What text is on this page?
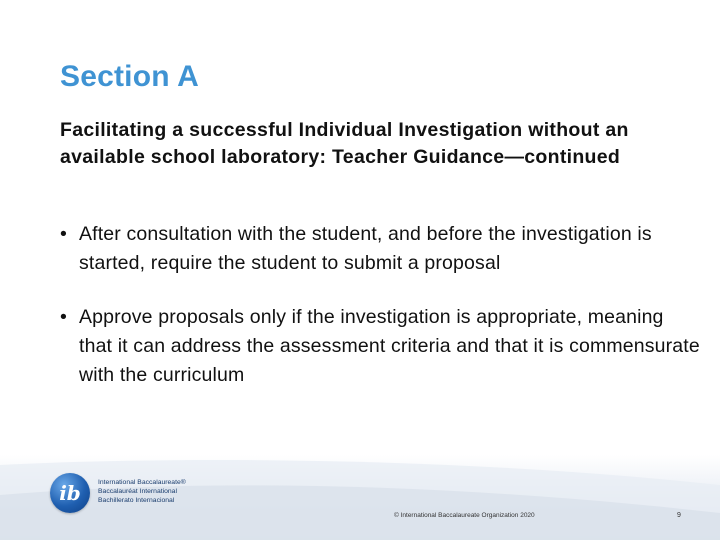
Section A
Facilitating a successful Individual Investigation without an available school laboratory: Teacher Guidance—continued
• After consultation with the student, and before the investigation is started, require the student to submit a proposal
• Approve proposals only if the investigation is appropriate, meaning that it can address the assessment criteria and that it is commensurate with the curriculum
ib	International Baccalaureate®
Baccalauréat International
Bachillerato Internacional
© International Baccalaureate Organization 2020	9
